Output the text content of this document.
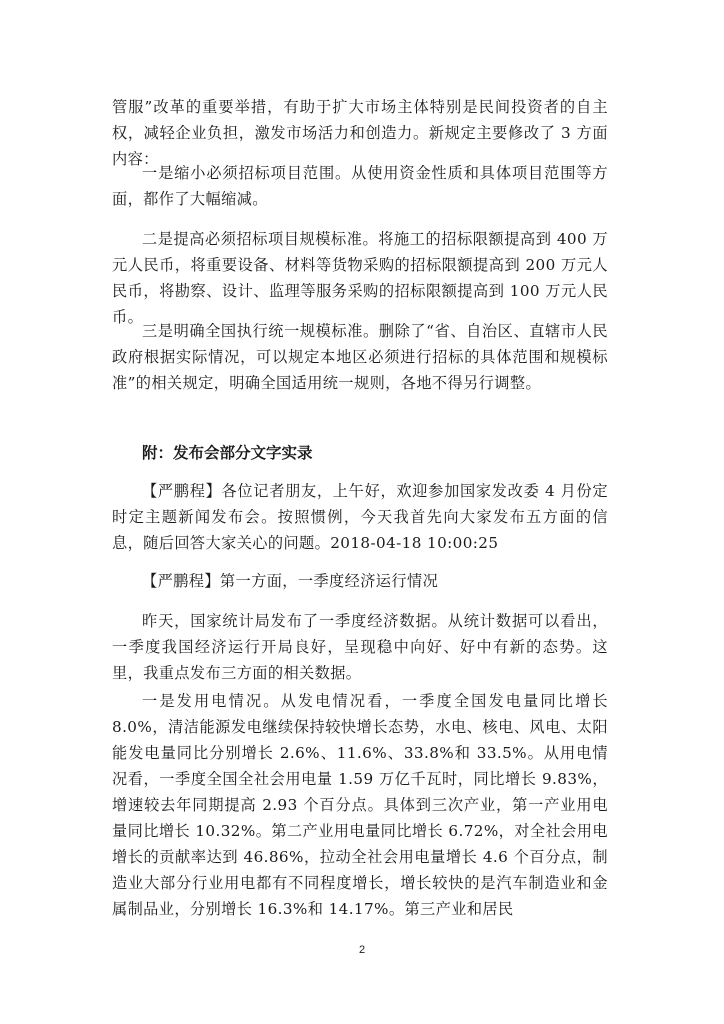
管服”改革的重要举措，有助于扩大市场主体特别是民间投资者的自主权，减轻企业负担，激发市场活力和创造力。新规定主要修改了 3 方面内容：

一是缩小必须招标项目范围。从使用资金性质和具体项目范围等方面，都作了大幅缩减。

二是提高必须招标项目规模标准。将施工的招标限额提高到 400 万元人民币，将重要设备、材料等货物采购的招标限额提高到 200 万元人民币，将勘察、设计、监理等服务采购的招标限额提高到 100 万元人民币。

三是明确全国执行统一规模标准。删除了“省、自治区、直辖市人民政府根据实际情况，可以规定本地区必须进行招标的具体范围和规模标准”的相关规定，明确全国适用统一规则，各地不得另行调整。

附：发布会部分文字实录

【严鹏程】各位记者朋友，上午好，欢迎参加国家发改委 4 月份定时定主题新闻发布会。按照惯例，今天我首先向大家发布五方面的信息，随后回答大家关心的问题。2018-04-18 10:00:25

【严鹏程】第一方面，一季度经济运行情况

昨天，国家统计局发布了一季度经济数据。从统计数据可以看出，一季度我国经济运行开局良好，呈现稳中向好、好中有新的态势。这里，我重点发布三方面的相关数据。

一是发用电情况。从发电情况看，一季度全国发电量同比增长 8.0%，清洁能源发电继续保持较快增长态势，水电、核电、风电、太阳能发电量同比分别增长 2.6%、11.6%、33.8%和 33.5%。从用电情况看，一季度全国全社会用电量 1.59 万亿千瓦时，同比增长 9.83%，增速较去年同期提高 2.93 个百分点。具体到三次产业，第一产业用电量同比增长 10.32%。第二产业用电量同比增长 6.72%，对全社会用电增长的贡献率达到 46.86%，拉动全社会用电量增长 4.6 个百分点，制造业大部分行业用电都有不同程度增长，增长较快的是汽车制造业和金属制品业，分别增长 16.3%和 14.17%。第三产业和居民

2
